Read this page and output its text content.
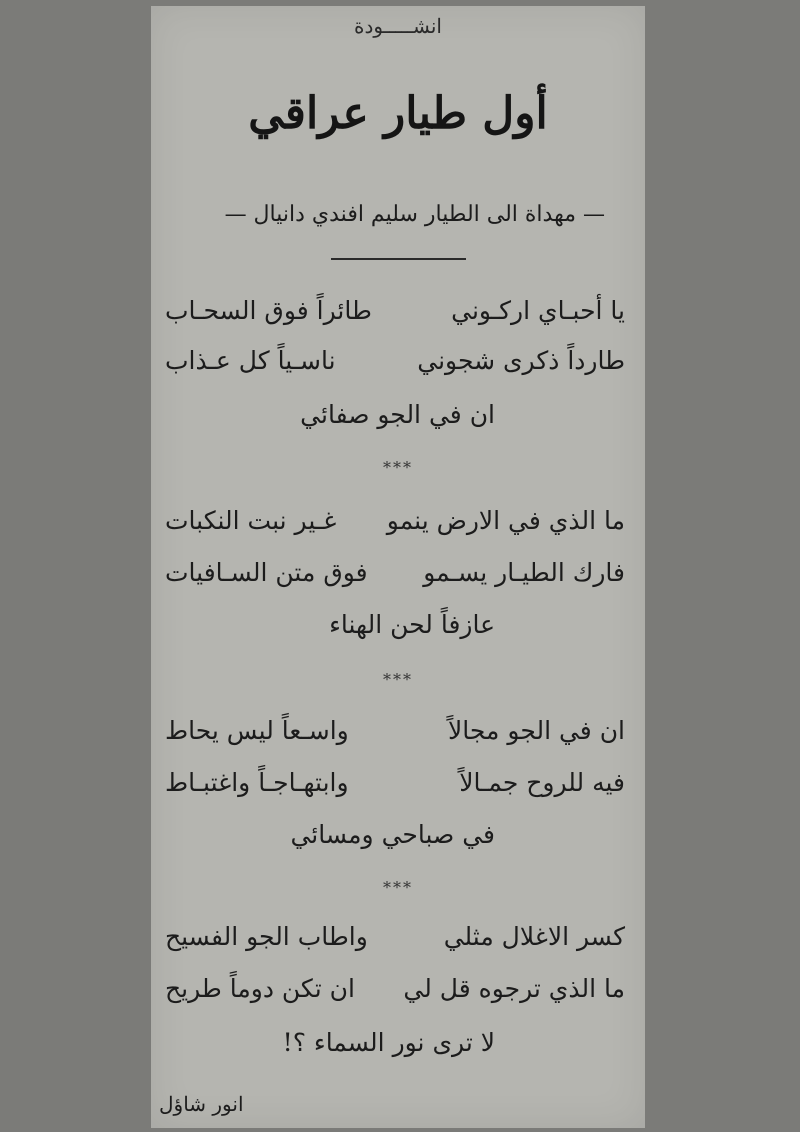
انشـــــودة
أول طيار عراقي
— مهداة الى الطيار سليم افندي دانيال —
يا أحبـاي اركـوني
طائراً فوق السحـاب
طارداً ذكرى شجوني
ناسـياً كل عـذاب
ان في الجو صفائي
***
ما الذي في الارض ينمو
غـير نبت النكبات
فارك الطيـار يسـمو
فوق متن السـافيات
عازفاً لحن الهناء
***
ان في الجو مجالاً
واسـعاً ليس يحاط
فيه للروح جمـالاً
وابتهـاجـاً واغتبـاط
في صباحي ومسائي
***
كسر الاغلال مثلي
واطاب الجو الفسيح
ما الذي ترجوه قل لي
ان تكن دوماً طريح
لا ترى نور السماء ؟!
انور شاؤل
